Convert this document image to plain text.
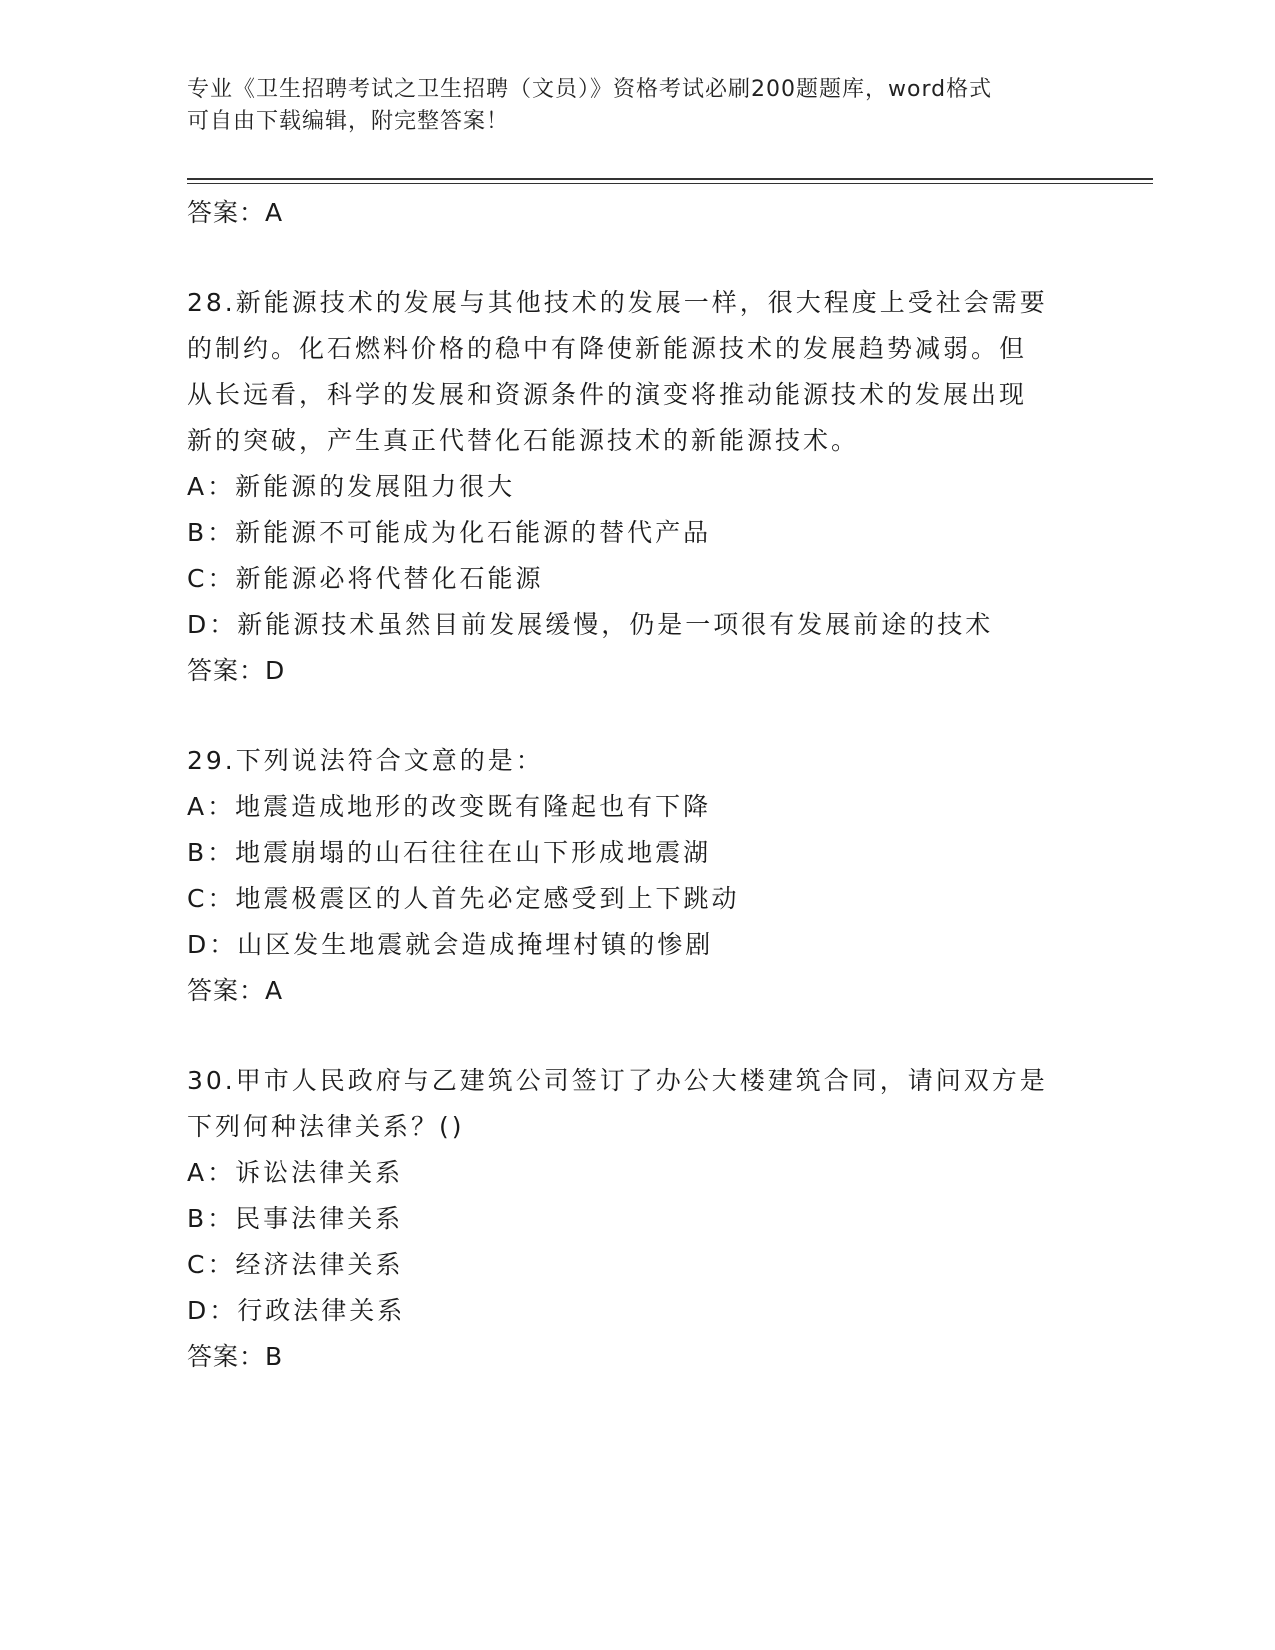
专业《卫生招聘考试之卫生招聘（文员）》资格考试必刷200题题库，word格式
可自由下载编辑，附完整答案！
答案：A
28.新能源技术的发展与其他技术的发展一样，很大程度上受社会需要
的制约。化石燃料价格的稳中有降使新能源技术的发展趋势减弱。但
从长远看，科学的发展和资源条件的演变将推动能源技术的发展出现
新的突破，产生真正代替化石能源技术的新能源技术。
A：新能源的发展阻力很大
B：新能源不可能成为化石能源的替代产品
C：新能源必将代替化石能源
D：新能源技术虽然目前发展缓慢，仍是一项很有发展前途的技术
答案：D
29.下列说法符合文意的是：
A：地震造成地形的改变既有隆起也有下降
B：地震崩塌的山石往往在山下形成地震湖
C：地震极震区的人首先必定感受到上下跳动
D：山区发生地震就会造成掩埋村镇的惨剧
答案：A
30.甲市人民政府与乙建筑公司签订了办公大楼建筑合同，请问双方是
下列何种法律关系？()
A：诉讼法律关系
B：民事法律关系
C：经济法律关系
D：行政法律关系
答案：B
